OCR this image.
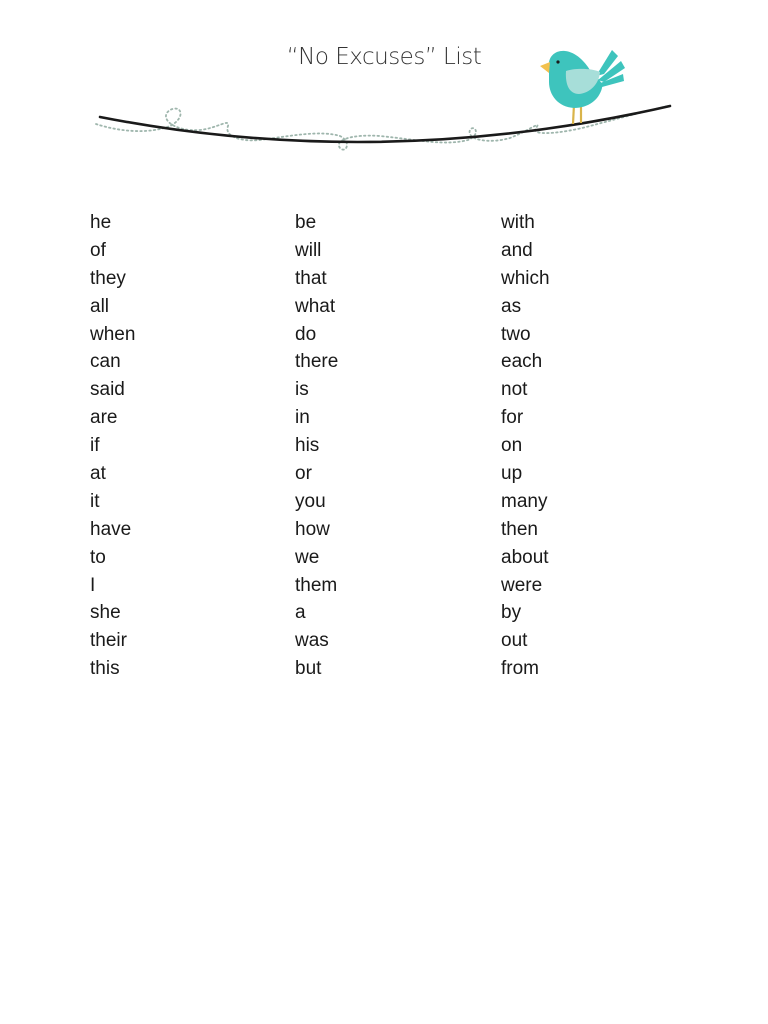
“No Excuses” List
he
of
they
all
when
can
said
are
if
at
it
have
to
I
she
their
this
be
will
that
what
do
there
is
in
his
or
you
how
we
them
a
was
but
with
and
which
as
two
each
not
for
on
up
many
then
about
were
by
out
from
